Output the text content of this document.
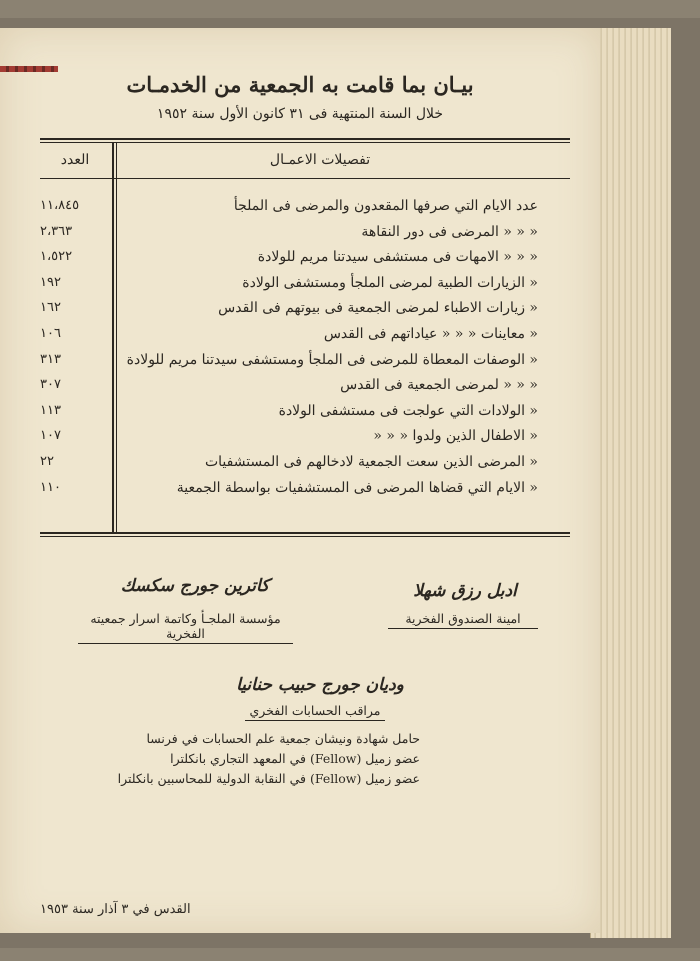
بيـان بما قامت به الجمعية من الخدمـات
خلال السنة المنتهية فى ٣١ كانون الأول سنة ١٩٥٢
تفصيلات الاعمـال
العدد
عدد الايام التي صرفها المقعدون والمرضى فى الملجأ
١١،٨٤٥
« « « المرضى فى دور النقاهة
٢،٣٦٣
« « « الامهات فى مستشفى سيدتنا مريم للولادة
١،٥٢٢
« الزيارات الطبية لمرضى الملجأ ومستشفى الولادة
١٩٢
« زيارات الاطباء لمرضى الجمعية فى بيوتهم فى القدس
١٦٢
« معاينات « « « عياداتهم فى القدس
١٠٦
« الوصفات المعطاة للمرضى فى الملجأ ومستشفى سيدتنا مريم للولادة
٣١٣
« « « لمرضى الجمعية فى القدس
٣٠٧
« الولادات التي عولجت فى مستشفى الولادة
١١٣
« الاطفال الذين ولدوا « « «
١٠٧
« المرضى الذين سعت الجمعية لادخالهم فى المستشفيات
٢٢
« الايام التي قضاها المرضى فى المستشفيات بواسطة الجمعية
١١٠
ادبل رزق شهلا
امينة الصندوق الفخرية
كاترين جورج سكسك
مؤسسة الملجـأ وكاتمة اسرار جمعيته الفخرية
وديان جورج حبيب حنانيا
مراقب الحسابات الفخري
حامل شهادة ونيشان جمعية علم الحسابات في فرنسا
عضو زميل (Fellow) في المعهد التجاري بانكلترا
عضو زميل (Fellow) في النقابة الدولية للمحاسبين بانكلترا
القدس في ٣ آذار سنة ١٩٥٣
